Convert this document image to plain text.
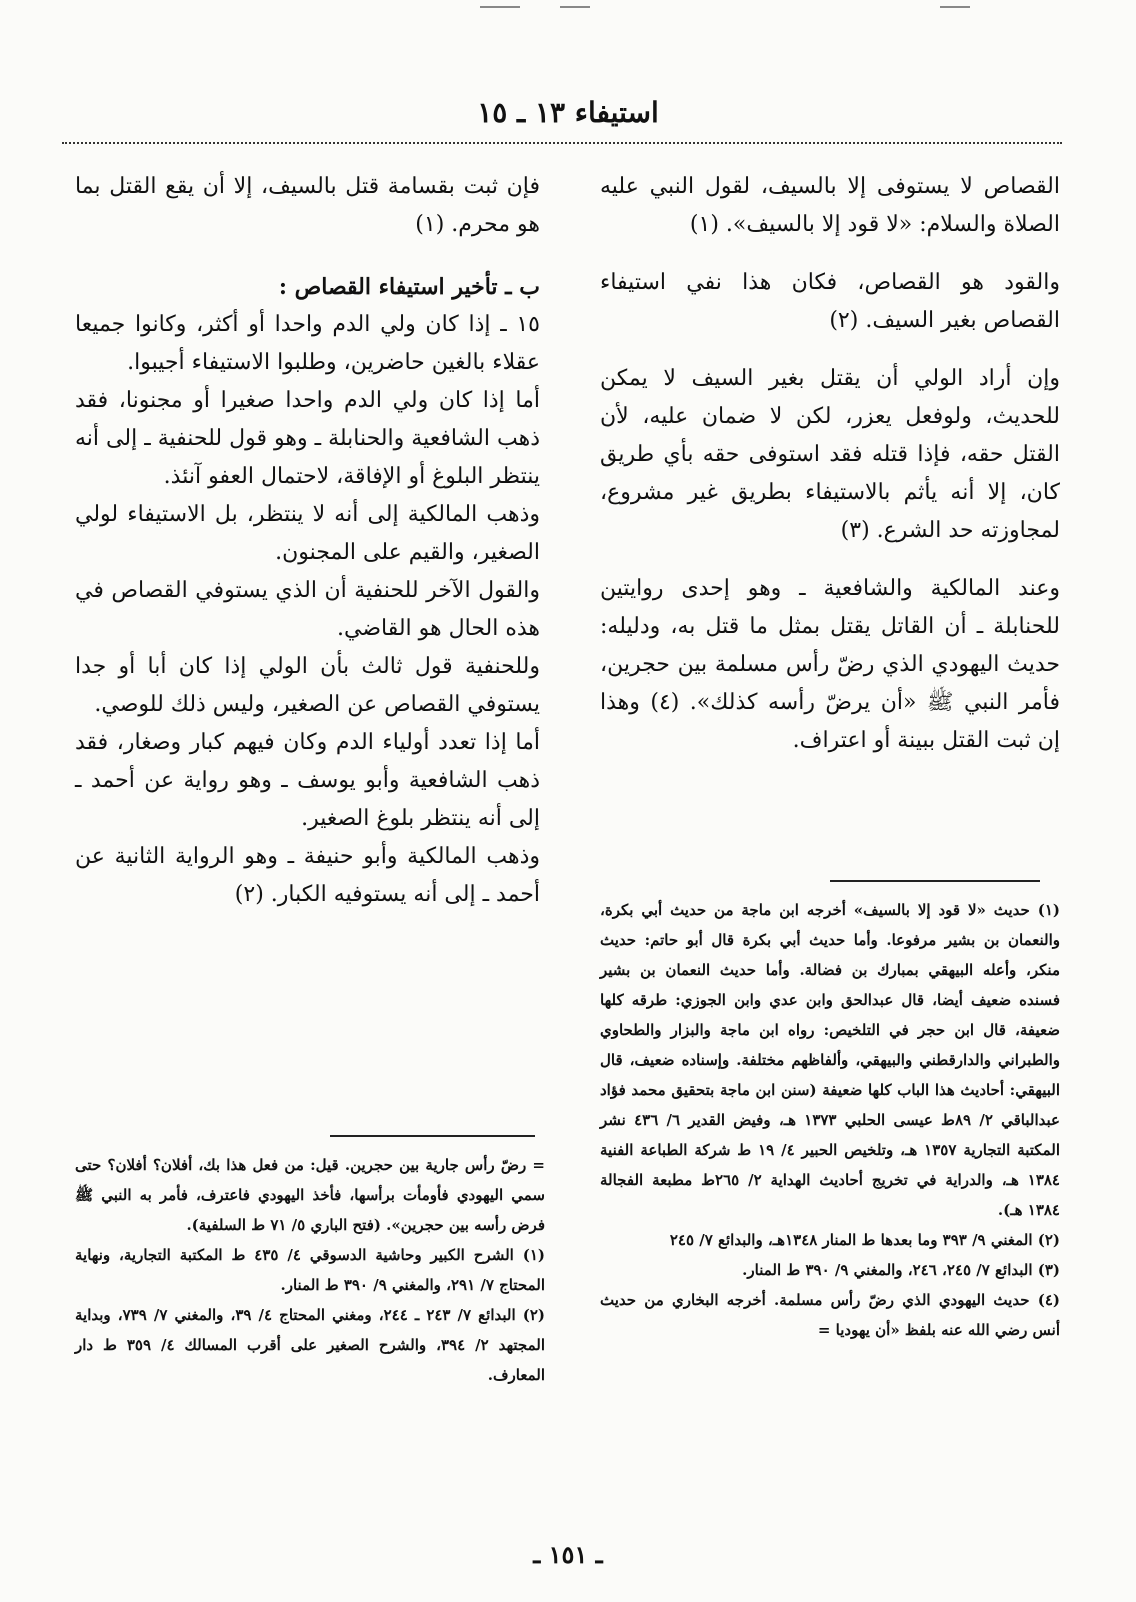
استيفاء ١٣ ـ ١٥

القصاص لا يستوفى إلا بالسيف، لقول النبي عليه الصلاة والسلام: «لا قود إلا بالسيف». (١)

والقود هو القصاص، فكان هذا نفي استيفاء القصاص بغير السيف. (٢)

وإن أراد الولي أن يقتل بغير السيف لا يمكن للحديث، ولوفعل يعزر، لكن لا ضمان عليه، لأن القتل حقه، فإذا قتله فقد استوفى حقه بأي طريق كان، إلا أنه يأثم بالاستيفاء بطريق غير مشروع، لمجاوزته حد الشرع. (٣)

وعند المالكية والشافعية ـ وهو إحدى روايتين للحنابلة ـ أن القاتل يقتل بمثل ما قتل به، ودليله: حديث اليهودي الذي رضّ رأس مسلمة بين حجرين، فأمر النبي ﷺ «أن يرضّ رأسه كذلك». (٤) وهذا إن ثبت القتل ببينة أو اعتراف.

فإن ثبت بقسامة قتل بالسيف، إلا أن يقع القتل بما هو محرم. (١)

ب ـ تأخير استيفاء القصاص :

١٥ ـ إذا كان ولي الدم واحدا أو أكثر، وكانوا جميعا عقلاء بالغين حاضرين، وطلبوا الاستيفاء أجيبوا.

أما إذا كان ولي الدم واحدا صغيرا أو مجنونا، فقد ذهب الشافعية والحنابلة ـ وهو قول للحنفية ـ إلى أنه ينتظر البلوغ أو الإفاقة، لاحتمال العفو آنئذ.

وذهب المالكية إلى أنه لا ينتظر، بل الاستيفاء لولي الصغير، والقيم على المجنون.

والقول الآخر للحنفية أن الذي يستوفي القصاص في هذه الحال هو القاضي.

وللحنفية قول ثالث بأن الولي إذا كان أبا أو جدا يستوفي القصاص عن الصغير، وليس ذلك للوصي.

أما إذا تعدد أولياء الدم وكان فيهم كبار وصغار، فقد ذهب الشافعية وأبو يوسف ـ وهو رواية عن أحمد ـ إلى أنه ينتظر بلوغ الصغير.

وذهب المالكية وأبو حنيفة ـ وهو الرواية الثانية عن أحمد ـ إلى أنه يستوفيه الكبار. (٢)

(١) حديث «لا قود إلا بالسيف» أخرجه ابن ماجة من حديث أبي بكرة، والنعمان بن بشير مرفوعا. وأما حديث أبي بكرة قال أبو حاتم: حديث منكر، وأعله البيهقي بمبارك بن فضالة. وأما حديث النعمان بن بشير فسنده ضعيف أيضا، قال عبدالحق وابن عدي وابن الجوزي: طرقه كلها ضعيفة، قال ابن حجر في التلخيص: رواه ابن ماجة والبزار والطحاوي والطبراني والدارقطني والبيهقي، وألفاظهم مختلفة. وإسناده ضعيف، قال البيهقي: أحاديث هذا الباب كلها ضعيفة (سنن ابن ماجة بتحقيق محمد فؤاد عبدالباقي ٢/ ٨٩ط عيسى الحلبي ١٣٧٣ هـ، وفيض القدير ٦/ ٤٣٦ نشر المكتبة التجارية ١٣٥٧ هـ، وتلخيص الحبير ٤/ ١٩ ط شركة الطباعة الفنية ١٣٨٤ هـ، والدراية في تخريج أحاديث الهداية ٢/ ٢٦٥ط مطبعة الفجالة ١٣٨٤ هـ).

(٢) المغني ٩/ ٣٩٣ وما بعدها ط المنار ١٣٤٨هـ، والبدائع ٧/ ٢٤٥

(٣) البدائع ٧/ ٢٤٥، ٢٤٦، والمغني ٩/ ٣٩٠ ط المنار.

(٤) حديث اليهودي الذي رضّ رأس مسلمة. أخرجه البخاري من حديث أنس رضي الله عنه بلفظ «أن يهوديا =

= رضّ رأس جارية بين حجرين. قيل: من فعل هذا بك، أفلان؟ أفلان؟ حتى سمي اليهودي فأومأت برأسها، فأخذ اليهودي فاعترف، فأمر به النبي ﷺ فرض رأسه بين حجرين». (فتح الباري ٥/ ٧١ ط السلفية).

(١) الشرح الكبير وحاشية الدسوقي ٤/ ٤٣٥ ط المكتبة التجارية، ونهاية المحتاج ٧/ ٢٩١، والمغني ٩/ ٣٩٠ ط المنار.

(٢) البدائع ٧/ ٢٤٣ ـ ٢٤٤، ومغني المحتاج ٤/ ٣٩، والمغني ٧/ ٧٣٩، وبداية المجتهد ٢/ ٣٩٤، والشرح الصغير على أقرب المسالك ٤/ ٣٥٩ ط دار المعارف.

ـ ١٥١ ـ
